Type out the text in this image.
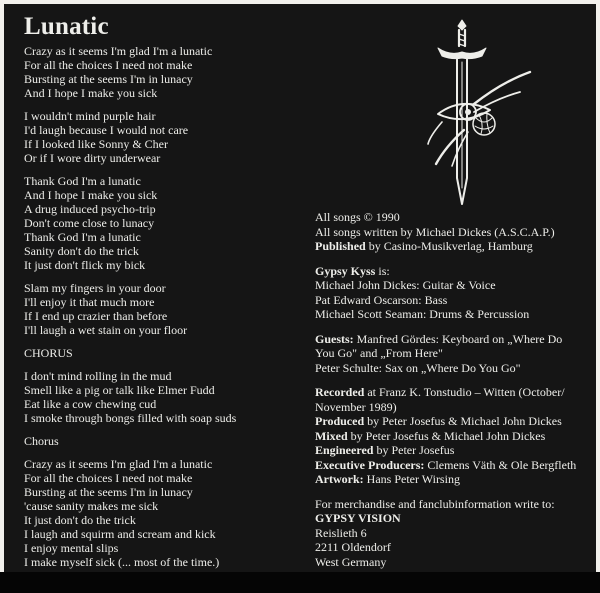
Lunatic
Crazy as it seems I'm glad I'm a lunatic
For all the choices I need not make
Bursting at the seems I'm in lunacy
And I hope I make you sick
I wouldn't mind purple hair
I'd laugh because I would not care
If I looked like Sonny & Cher
Or if I wore dirty underwear
Thank God I'm a lunatic
And I hope I make you sick
A drug induced psycho-trip
Don't come close to lunacy
Thank God I'm a lunatic
Sanity don't do the trick
It just don't flick my bick
Slam my fingers in your door
I'll enjoy it that much more
If I end up crazier than before
I'll laugh a wet stain on your floor
CHORUS
I don't mind rolling in the mud
Smell like a pig or talk like Elmer Fudd
Eat like a cow chewing cud
I smoke through bongs filled with soap suds
Chorus
Crazy as it seems I'm glad I'm a lunatic
For all the choices I need not make
Bursting at the seems I'm in lunacy
'cause sanity makes me sick
It just don't do the trick
I laugh and squirm and scream and kick
I enjoy mental slips
I make myself sick (... most of the time.)
All songs © 1990
All songs written by Michael Dickes (A.S.C.A.P.)
Published by Casino-Musikverlag, Hamburg
Gypsy Kyss is:
Michael John Dickes: Guitar & Voice
Pat Edward Oscarson: Bass
Michael Scott Seaman: Drums & Percussion
Guests: Manfred Gördes: Keyboard on „Where Do
You Go" and „From Here"
Peter Schulte: Sax on „Where Do You Go"
Recorded at Franz K. Tonstudio – Witten (October/
November 1989)
Produced by Peter Josefus & Michael John Dickes
Mixed by Peter Josefus & Michael John Dickes
Engineered by Peter Josefus
Executive Producers: Clemens Väth & Ole Bergfleth
Artwork: Hans Peter Wirsing
For merchandise and fanclubinformation write to:
GYPSY VISION
Reislieth 6
2211 Oldendorf
West Germany
